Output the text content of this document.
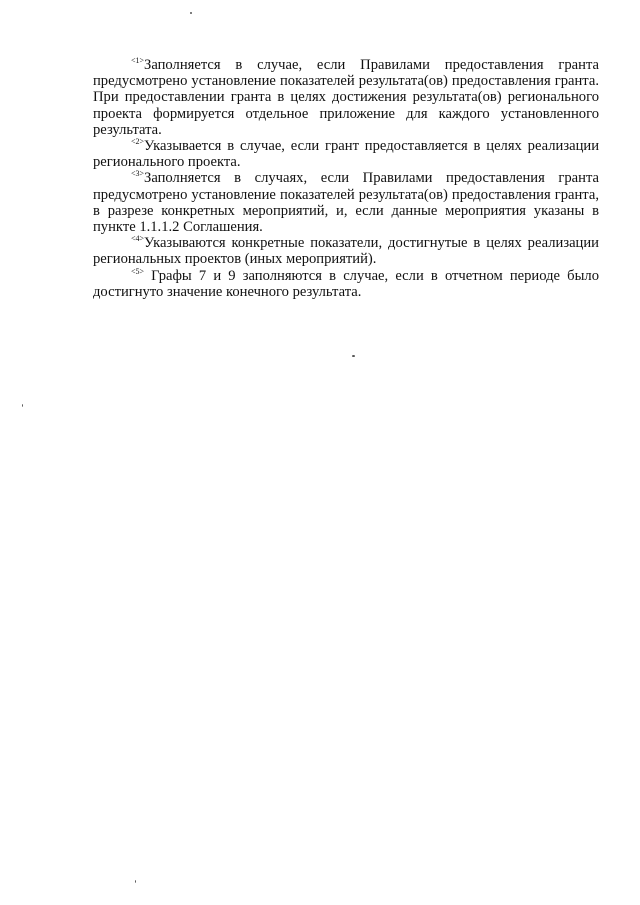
$^{<1>}$Заполняется в случае, если Правилами предоставления гранта предусмотрено установление показателей результата(ов) предоставления гранта. При предоставлении гранта в целях достижения результата(ов) регионального проекта формируется отдельное приложение для каждого установленного результата.

$^{<2>}$Указывается в случае, если грант предоставляется в целях реализации регионального проекта.

$^{<3>}$Заполняется в случаях, если Правилами предоставления гранта предусмотрено установление показателей результата(ов) предоставления гранта, в разрезе конкретных мероприятий, и, если данные мероприятия указаны в пункте 1.1.1.2 Соглашения.

$^{<4>}$Указываются конкретные показатели, достигнутые в целях реализации региональных проектов (иных мероприятий).

$^{<5>}$ Графы 7 и 9 заполняются в случае, если в отчетном периоде было достигнуто значение конечного результата.
